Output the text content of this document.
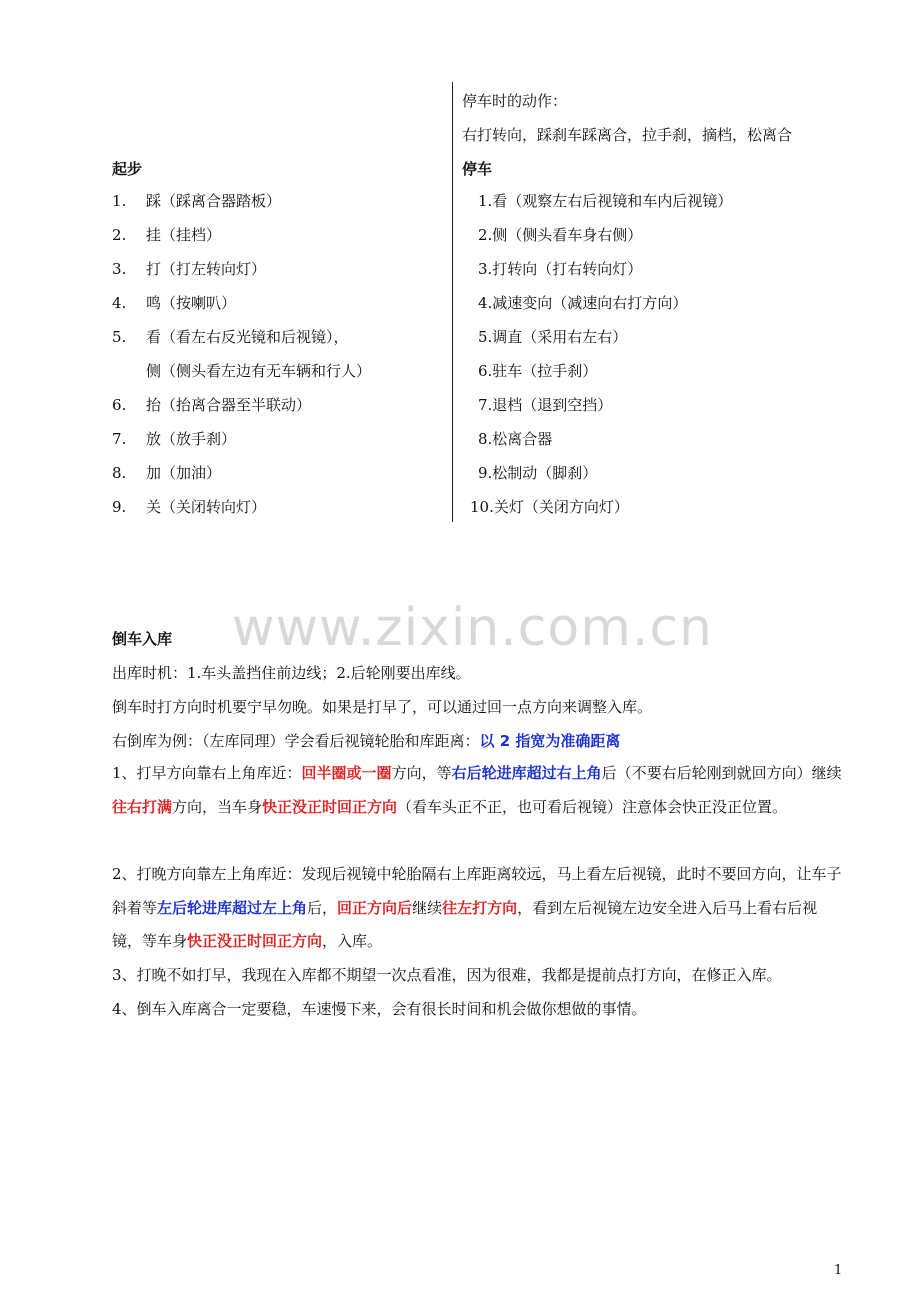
起步
1. 踩（踩离合器踏板）
2. 挂（挂档）
3. 打（打左转向灯）
4. 鸣（按喇叭）
5. 看（看左右反光镜和后视镜），
侧（侧头看左边有无车辆和行人）
6. 抬（抬离合器至半联动）
7. 放（放手刹）
8. 加（加油）
9. 关（关闭转向灯）
停车时的动作：
右打转向，踩刹车踩离合，拉手刹，摘档，松离合
停车
1.看（观察左右后视镜和车内后视镜）
2.侧（侧头看车身右侧）
3.打转向（打右转向灯）
4.减速变向（减速向右打方向）
5.调直（采用右左右）
6.驻车（拉手刹）
7.退档（退到空挡）
8.松离合器
9.松制动（脚刹）
10.关灯（关闭方向灯）
www.zixin.com.cn
倒车入库
出库时机：1.车头盖挡住前边线；2.后轮刚要出库线。
倒车时打方向时机要宁早勿晚。如果是打早了，可以通过回一点方向来调整入库。
右倒库为例：（左库同理）学会看后视镜轮胎和库距离：以 2 指宽为准确距离
1、打早方向靠右上角库近：回半圈或一圈方向，等右后轮进库超过右上角后（不要右后轮刚到就回方向）继续往右打满方向，当车身快正没正时回正方向（看车头正不正，也可看后视镜）注意体会快正没正位置。
2、打晚方向靠左上角库近：发现后视镜中轮胎隔右上库距离较远，马上看左后视镜，此时不要回方向，让车子斜着等左后轮进库超过左上角后，回正方向后继续往左打方向，看到左后视镜左边安全进入后马上看右后视镜，等车身快正没正时回正方向，入库。
3、打晚不如打早，我现在入库都不期望一次点看准，因为很难，我都是提前点打方向，在修正入库。
4、倒车入库离合一定要稳，车速慢下来，会有很长时间和机会做你想做的事情。
1
